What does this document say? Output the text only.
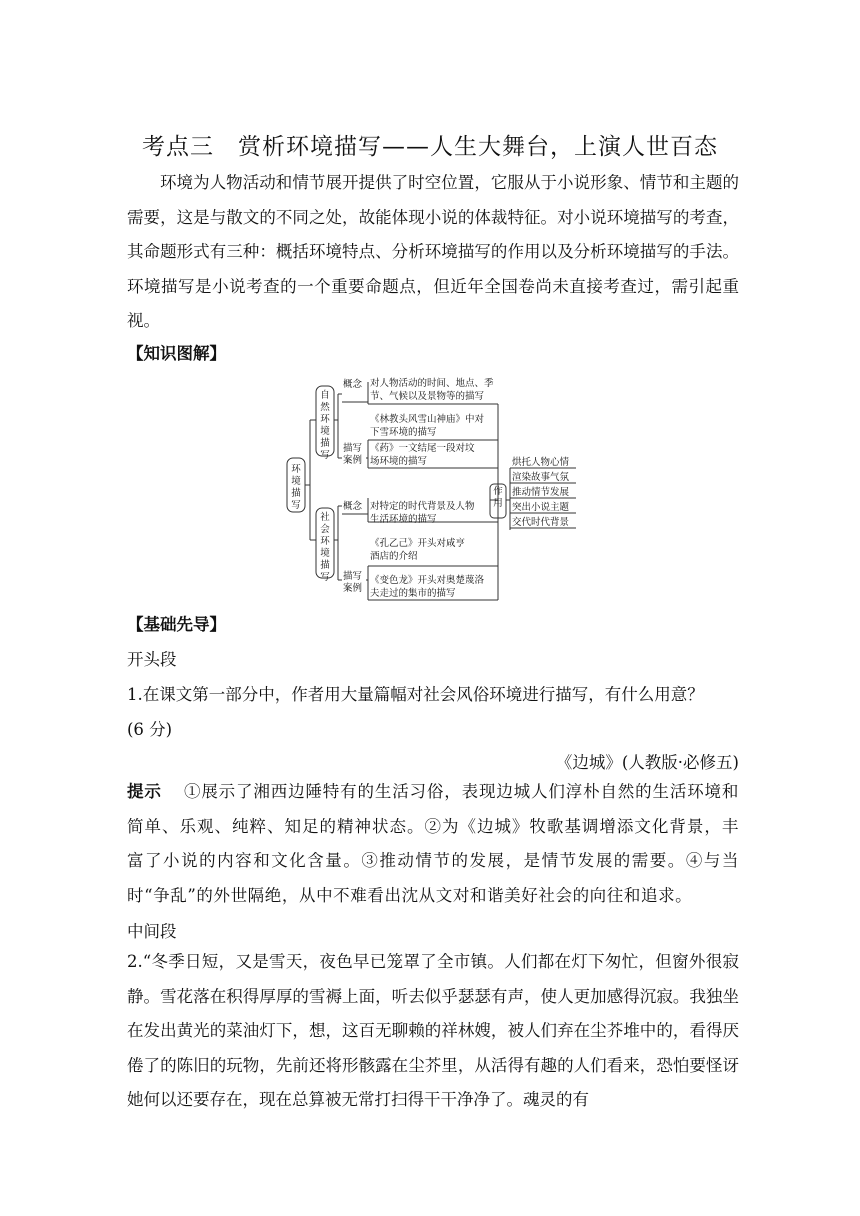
考点三　赏析环境描写——人生大舞台，上演人世百态
环境为人物活动和情节展开提供了时空位置，它服从于小说形象、情节和主题的需要，这是与散文的不同之处，故能体现小说的体裁特征。对小说环境描写的考查，其命题形式有三种：概括环境特点、分析环境描写的作用以及分析环境描写的手法。环境描写是小说考查的一个重要命题点，但近年全国卷尚未直接考查过，需引起重视。
【知识图解】
环境描写
自然环境描写
社会环境描写
概念 对人物活动的时间、地点、季
节、气候以及景物等的描写
描写
案例
《林教头风雪山神庙》中对
下雪环境的描写
《药》一文结尾一段对坟
场环境的描写
概念 对特定的时代背景及人物
生活环境的描写
描写
案例
《孔乙己》开头对咸亨
酒店的介绍
《变色龙》开头对奥楚蔑洛
夫走过的集市的描写
作用
烘托人物心情
渲染故事气氛
推动情节发展
突出小说主题
交代时代背景
【基础先导】
开头段
1.在课文第一部分中，作者用大量篇幅对社会风俗环境进行描写，有什么用意？
(6 分)
《边城》(人教版·必修五)
提示 ①展示了湘西边陲特有的生活习俗，表现边城人们淳朴自然的生活环境和简单、乐观、纯粹、知足的精神状态。②为《边城》牧歌基调增添文化背景，丰富了小说的内容和文化含量。③推动情节的发展，是情节发展的需要。④与当时“争乱”的外世隔绝，从中不难看出沈从文对和谐美好社会的向往和追求。
中间段
2.“冬季日短，又是雪天，夜色早已笼罩了全市镇。人们都在灯下匆忙，但窗外很寂静。雪花落在积得厚厚的雪褥上面，听去似乎瑟瑟有声，使人更加感得沉寂。我独坐在发出黄光的菜油灯下，想，这百无聊赖的祥林嫂，被人们弃在尘芥堆中的，看得厌倦了的陈旧的玩物，先前还将形骸露在尘芥里，从活得有趣的人们看来，恐怕要怪讶她何以还要存在，现在总算被无常打扫得干干净净了。魂灵的有
